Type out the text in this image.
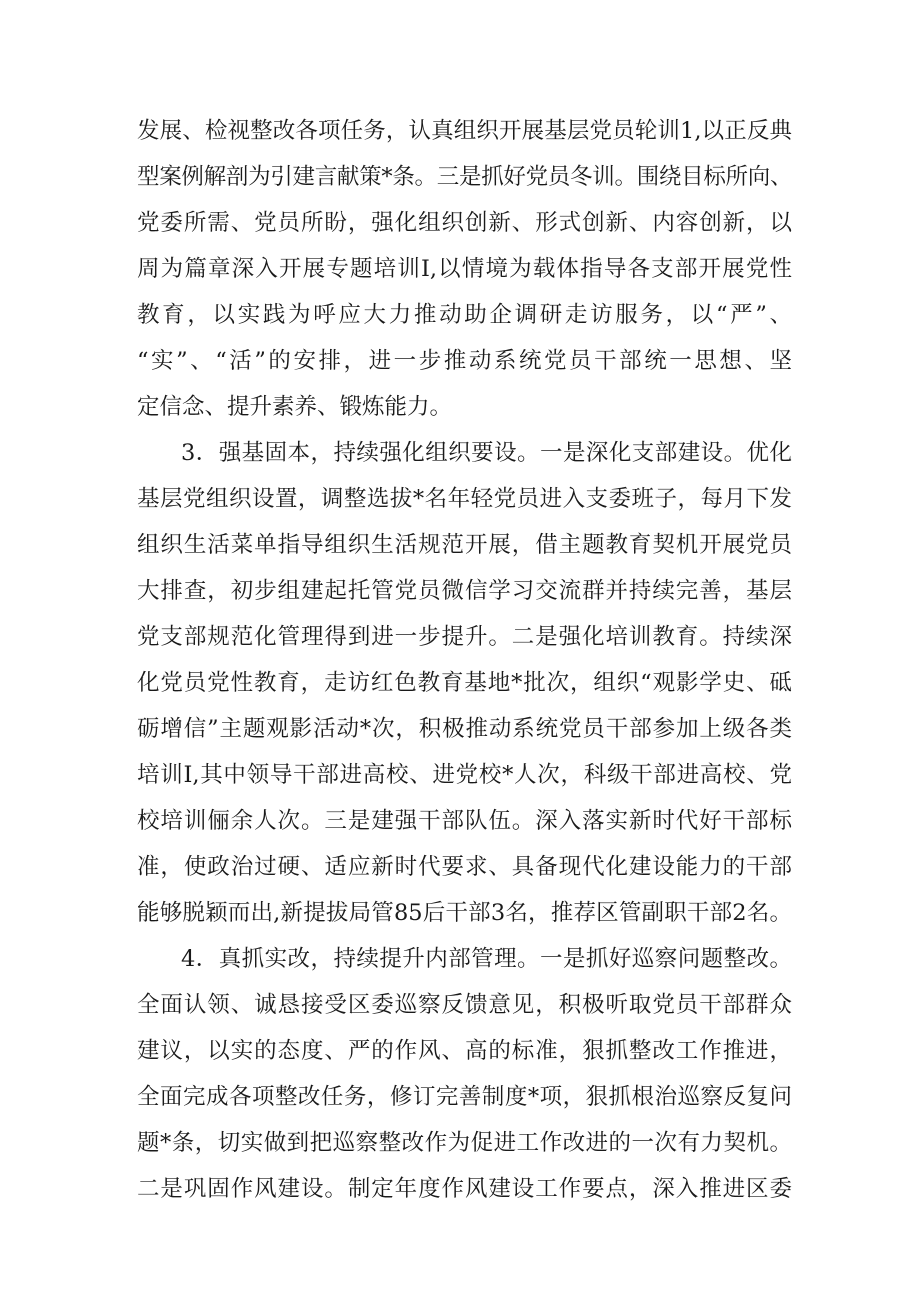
发展、检视整改各项任务，认真组织开展基层党员轮训1,以正反典
型案例解剖为引建言献策*条。三是抓好党员冬训。围绕目标所向、
党委所需、党员所盼，强化组织创新、形式创新、内容创新，以
周为篇章深入开展专题培训I,以情境为载体指导各支部开展党性
教育，以实践为呼应大力推动助企调研走访服务，以“严”、
“实”、“活”的安排，进一步推动系统党员干部统一思想、坚
定信念、提升素养、锻炼能力。
3．强基固本，持续强化组织要设。一是深化支部建设。优化
基层党组织设置，调整选拔*名年轻党员进入支委班子，每月下发
组织生活菜单指导组织生活规范开展，借主题教育契机开展党员
大排查，初步组建起托管党员微信学习交流群并持续完善，基层
党支部规范化管理得到进一步提升。二是强化培训教育。持续深
化党员党性教育，走访红色教育基地*批次，组织“观影学史、砥
砺增信”主题观影活动*次，积极推动系统党员干部参加上级各类
培训I,其中领导干部进高校、进党校*人次，科级干部进高校、党
校培训俪余人次。三是建强干部队伍。深入落实新时代好干部标
准，使政治过硬、适应新时代要求、具备现代化建设能力的干部
能够脱颖而出,新提拔局管85后干部3名，推荐区管副职干部2名。
4．真抓实改，持续提升内部管理。一是抓好巡察问题整改。
全面认领、诚恳接受区委巡察反馈意见，积极听取党员干部群众
建议，以实的态度、严的作风、高的标准，狠抓整改工作推进，
全面完成各项整改任务，修订完善制度*项，狠抓根治巡察反复问
题*条，切实做到把巡察整改作为促进工作改进的一次有力契机。
二是巩固作风建设。制定年度作风建设工作要点，深入推进区委
